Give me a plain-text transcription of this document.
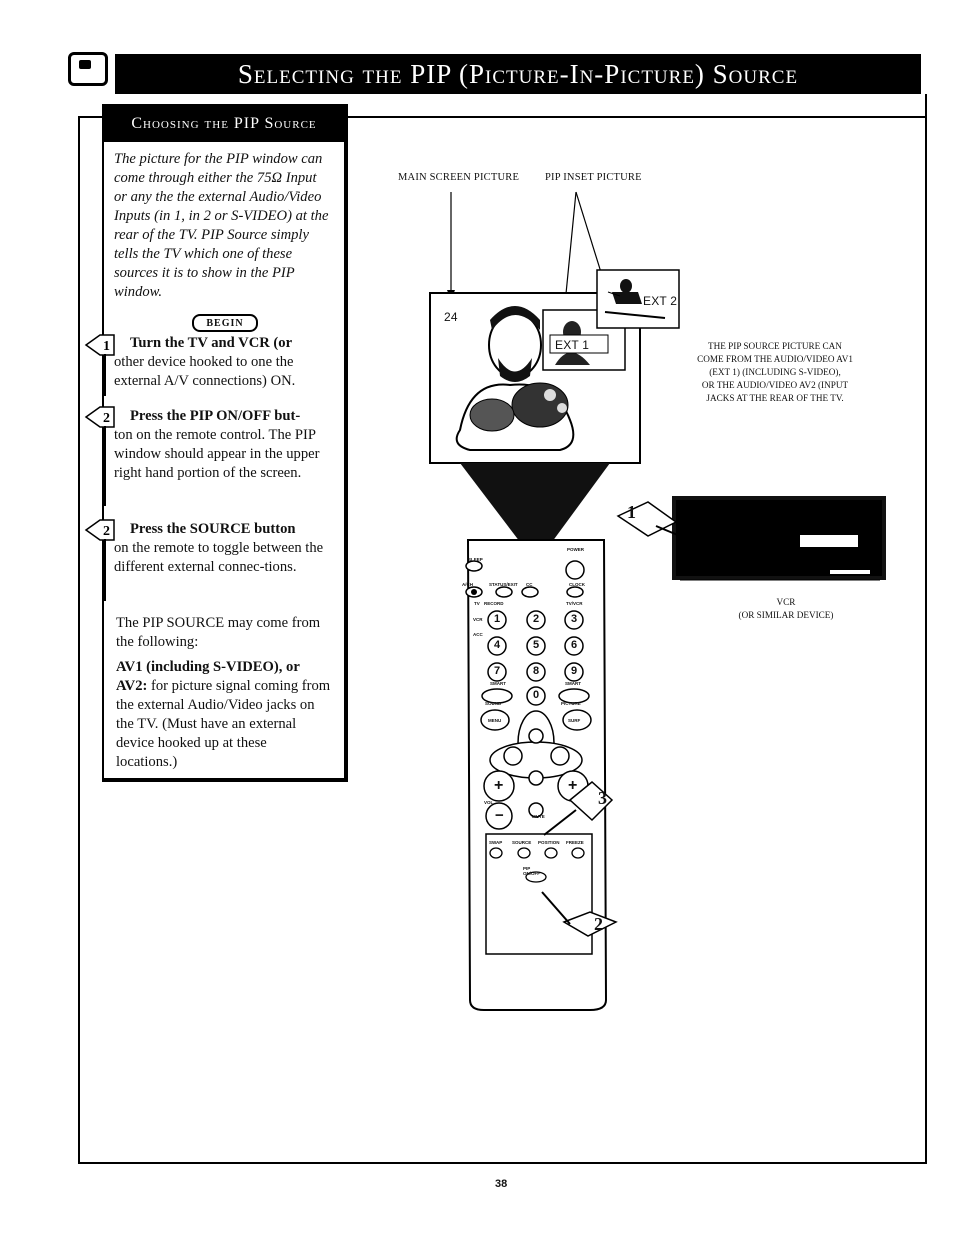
Selecting the PIP (Picture-In-Picture) Source
Choosing the PIP Source
The picture for the PIP window can come through either the 75Ω Input or any the the external Audio/Video Inputs (in 1, in 2 or S-VIDEO) at the rear of the TV. PIP Source simply tells the TV which one of these sources it is to show in the PIP window.
BEGIN
1 Turn the TV and VCR (or
other device hooked to one the external A/V connections) ON.
2 Press the PIP ON/OFF but-
ton on the remote control. The PIP window should appear in the upper right hand portion of the screen.
2 Press the SOURCE button
on the remote to toggle between the different external connec-tions.
The PIP SOURCE may come from the following:
AV1 (including S-VIDEO), or
AV2: for picture signal coming from the external Audio/Video jacks on the TV. (Must have an external device hooked up at these locations.)
MAIN SCREEN PICTURE PIP INSET PICTURE
24
EXT 1
EXT 2
THE PIP SOURCE PICTURE CAN
COME FROM THE AUDIO/VIDEO AV1
(EXT 1) (INCLUDING S-VIDEO),
OR THE AUDIO/VIDEO AV2 (INPUT
JACKS AT THE REAR OF THE TV.
VCR
(OR SIMILAR DEVICE)
1
2
3
SLEEP
POWER
A/CH	STATUS/EXIT CC	CLOCK
TV RECORD	TV/VCR
VCR
ACC
SMART	SMART
SOUND	PICTURE
MENU	SURF
VOL
MUTE
SWAP SOURCE POSITION FREEZE
PIP ON/OFF
1	2	3
4	5	6
7	8	9
0
+	+
−
38
